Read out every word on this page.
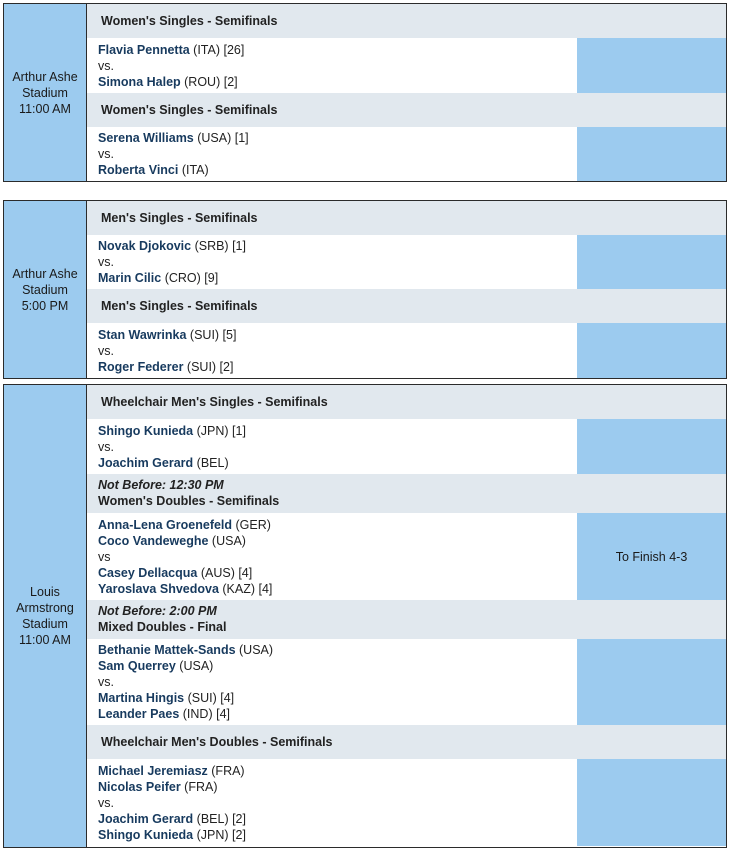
Arthur Ashe
Stadium
11:00 AM
Women's Singles - Semifinals
Flavia Pennetta (ITA) [26]
vs.
Simona Halep (ROU) [2]
Women's Singles - Semifinals
Serena Williams (USA) [1]
vs.
Roberta Vinci (ITA)
Arthur Ashe
Stadium
5:00 PM
Men's Singles - Semifinals
Novak Djokovic (SRB) [1]
vs.
Marin Cilic (CRO) [9]
Men's Singles - Semifinals
Stan Wawrinka (SUI) [5]
vs.
Roger Federer (SUI) [2]
Louis
Armstrong
Stadium
11:00 AM
Wheelchair Men's Singles - Semifinals
Shingo Kunieda (JPN) [1]
vs.
Joachim Gerard (BEL)
Not Before: 12:30 PM
Women's Doubles - Semifinals
Anna-Lena Groenefeld (GER)
Coco Vandeweghe (USA)
vs
Casey Dellacqua (AUS) [4]
Yaroslava Shvedova (KAZ) [4]
To Finish 4-3
Not Before: 2:00 PM
Mixed Doubles - Final
Bethanie Mattek-Sands (USA)
Sam Querrey (USA)
vs.
Martina Hingis (SUI) [4]
Leander Paes (IND) [4]
Wheelchair Men's Doubles - Semifinals
Michael Jeremiasz (FRA)
Nicolas Peifer (FRA)
vs.
Joachim Gerard (BEL) [2]
Shingo Kunieda (JPN) [2]
